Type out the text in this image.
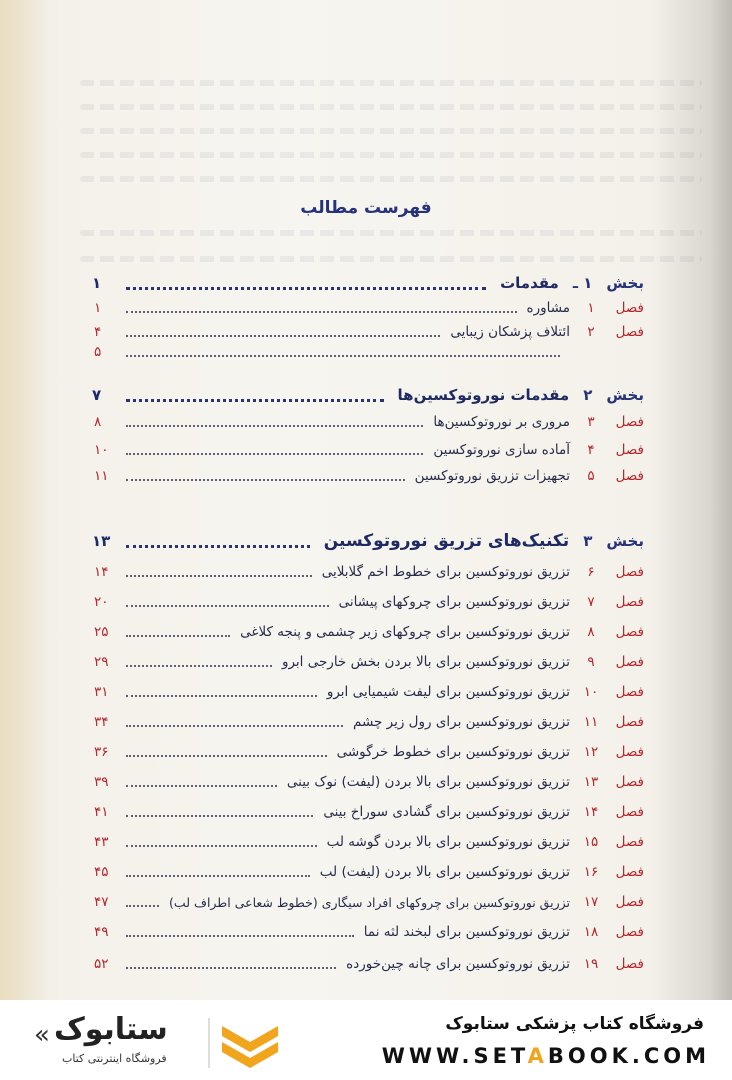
فهرست مطالب
بخش
۱ ـ
مقدمات
۱
فصل
۱
مشاوره
۱
فصل
۲
ائتلاف پزشکان زیبایی
۴
۵
بخش
۲
مقدمات نوروتوکسین‌ها
۷
فصل
۳
مروری بر نوروتوکسین‌ها
۸
فصل
۴
آماده سازی نوروتوکسین
۱۰
فصل
۵
تجهیزات تزریق نوروتوکسین
۱۱
بخش
۳
تکنیک‌های تزریق نوروتوکسین
۱۳
فصل
۶
تزریق نوروتوکسین برای خطوط اخم گلابلایی
۱۴
فصل
۷
تزریق نوروتوکسین برای چروکهای پیشانی
۲۰
فصل
۸
تزریق نوروتوکسین برای چروکهای زیر چشمی و پنجه کلاغی
۲۵
فصل
۹
تزریق نوروتوکسین برای بالا بردن بخش خارجی ابرو
۲۹
فصل
۱۰
تزریق نوروتوکسین برای لیفت شیمیایی ابرو
۳۱
فصل
۱۱
تزریق نوروتوکسین برای رول زیر چشم
۳۴
فصل
۱۲
تزریق نوروتوکسین برای خطوط خرگوشی
۳۶
فصل
۱۳
تزریق نوروتوکسین برای بالا بردن (لیفت) نوک بینی
۳۹
فصل
۱۴
تزریق نوروتوکسین برای گشادی سوراخ بینی
۴۱
فصل
۱۵
تزریق نوروتوکسین برای بالا بردن گوشه لب
۴۳
فصل
۱۶
تزریق نوروتوکسین برای بالا بردن (لیفت) لب
۴۵
فصل
۱۷
تزریق نوروتوکسین برای چروکهای افراد سیگاری (خطوط شعاعی اطراف لب)
۴۷
فصل
۱۸
تزریق نوروتوکسین برای لبخند لثه نما
۴۹
فصل
۱۹
تزریق نوروتوکسین برای چانه چین‌خورده
۵۲
« ستابوک
فروشگاه اینترنتی کتاب
فروشگاه کتاب پزشکی ستابوک
WWW.SETABOOK.COM
